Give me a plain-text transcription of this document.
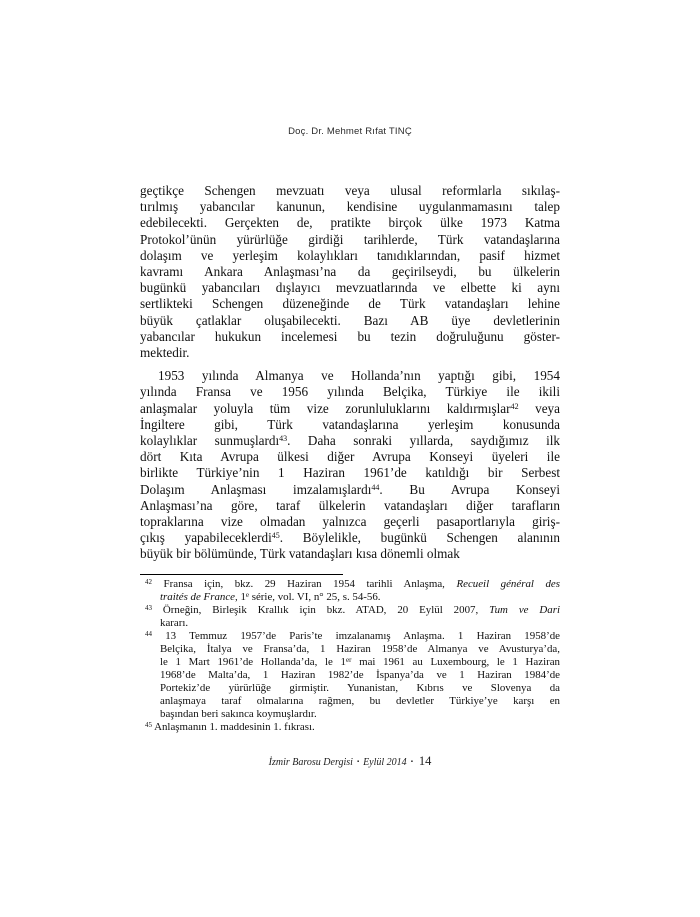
Doç. Dr. Mehmet Rıfat TINÇ
geçtikçe Schengen mevzuatı veya ulusal reformlarla sıkılaş-
tırılmış yabancılar kanunun, kendisine uygulanmamasını talep
edebilecekti. Gerçekten de, pratikte birçok ülke 1973 Katma
Protokol’ünün yürürlüğe girdiği tarihlerde, Türk vatandaşlarına
dolaşım ve yerleşim kolaylıkları tanıdıklarından, pasif hizmet
kavramı Ankara Anlaşması’na da geçirilseydi, bu ülkelerin
bugünkü yabancıları dışlayıcı mevzuatlarında ve elbette ki aynı
sertlikteki Schengen düzeneğinde de Türk vatandaşları lehine
büyük çatlaklar oluşabilecekti. Bazı AB üye devletlerinin
yabancılar hukukun incelemesi bu tezin doğruluğunu göster-
mektedir.
1953 yılında Almanya ve Hollanda’nın yaptığı gibi, 1954
yılında Fransa ve 1956 yılında Belçika, Türkiye ile ikili
anlaşmalar yoluyla tüm vize zorunluluklarını kaldırmışlar$^{42}$ veya
İngiltere gibi, Türk vatandaşlarına yerleşim konusunda
kolaylıklar sunmuşlardı$^{43}$. Daha sonraki yıllarda, saydığımız ilk
dört Kıta Avrupa ülkesi diğer Avrupa Konseyi üyeleri ile
birlikte Türkiye’nin 1 Haziran 1961’de katıldığı bir Serbest
Dolaşım Anlaşması imzalamışlardı$^{44}$. Bu Avrupa Konseyi
Anlaşması’na göre, taraf ülkelerin vatandaşları diğer tarafların
topraklarına vize olmadan yalnızca geçerli pasaportlarıyla giriş-
çıkış yapabileceklerdi$^{45}$. Böylelikle, bugünkü Schengen alanının
büyük bir bölümünde, Türk vatandaşları kısa dönemli olmak
$^{42}$ Fransa için, bkz. 29 Haziran 1954 tarihli Anlaşma, Recueil général des
traités de France, 1e série, vol. VI, n° 25, s. 54-56.
$^{43}$ Örneğin, Birleşik Krallık için bkz. ATAD, 20 Eylül 2007, Tum ve Dari
kararı.
$^{44}$ 13 Temmuz 1957’de Paris’te imzalanamış Anlaşma. 1 Haziran 1958’de
Belçika, İtalya ve Fransa’da, 1 Haziran 1958’de Almanya ve Avusturya’da,
le 1 Mart 1961’de Hollanda’da, le 1er mai 1961 au Luxembourg, le 1 Haziran
1968’de Malta’da, 1 Haziran 1982’de İspanya’da ve 1 Haziran 1984’de
Portekiz’de yürürlüğe girmiştir. Yunanistan, Kıbrıs ve Slovenya da
anlaşmaya taraf olmalarına rağmen, bu devletler Türkiye’ye karşı en
başından beri sakınca koymuşlardır.
$^{45}$ Anlaşmanın 1. maddesinin 1. fıkrası.
İzmir Barosu Dergisi ▪ Eylül 2014 ▪ 14
